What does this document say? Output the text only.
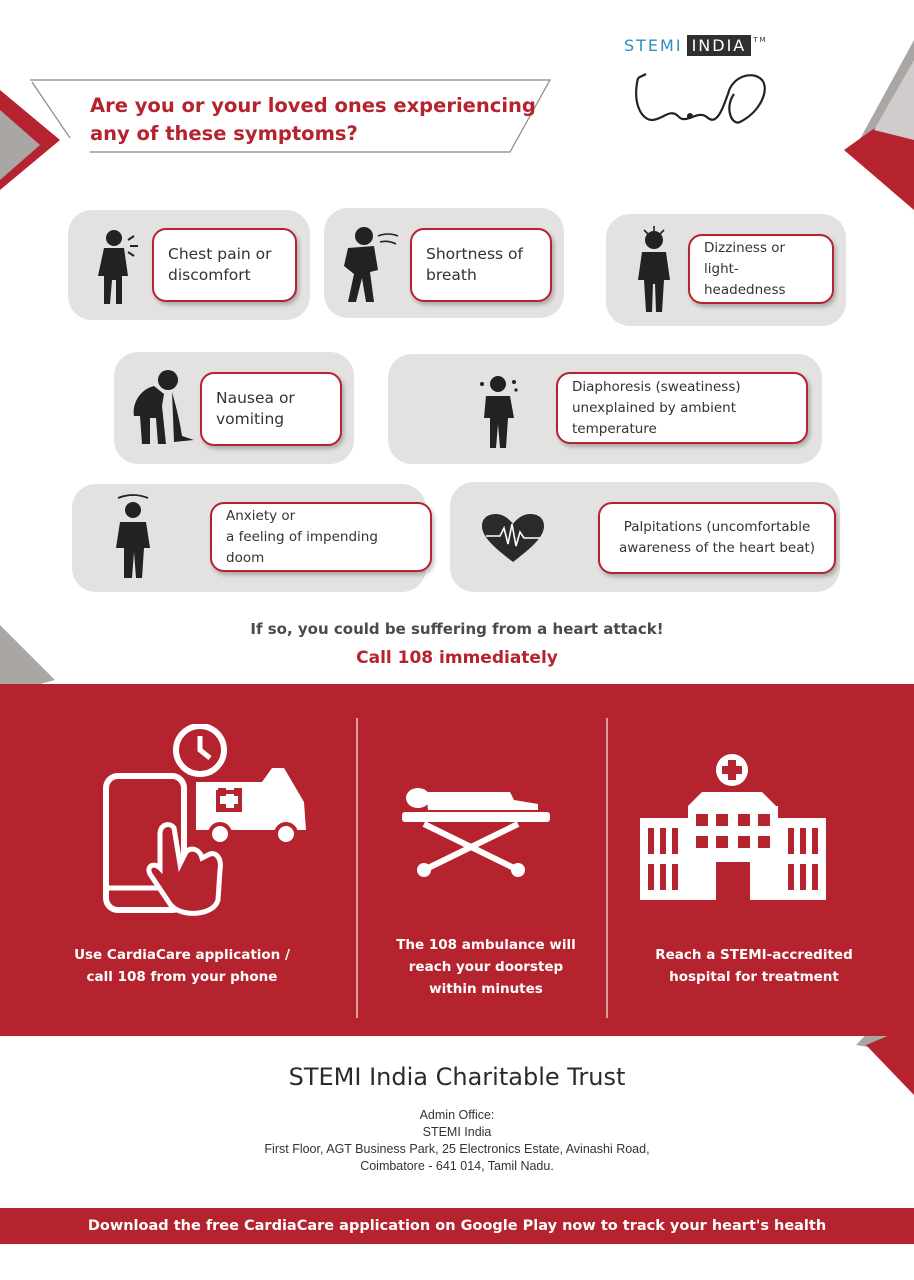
Are you or your loved ones experiencing
any of these symptoms?

STEMI INDIA ™
Chest pain or
discomfort
Shortness of
breath
Dizziness or
light-headedness
Nausea or
vomiting
Diaphoresis (sweatiness)
unexplained by ambient temperature
Anxiety or
a feeling of impending doom
Palpitations (uncomfortable
awareness of the heart beat)
If so, you could be suffering from a heart attack!
Call 108 immediately
Use CardiaCare application /
call 108 from your phone
The 108 ambulance will
reach your doorstep
within minutes
Reach a STEMI-accredited
hospital for treatment
STEMI India Charitable Trust
Admin Office:
STEMI India
First Floor, AGT Business Park, 25 Electronics Estate, Avinashi Road,
Coimbatore - 641 014, Tamil Nadu.
Download the free CardiaCare application on Google Play now to track your heart's health
